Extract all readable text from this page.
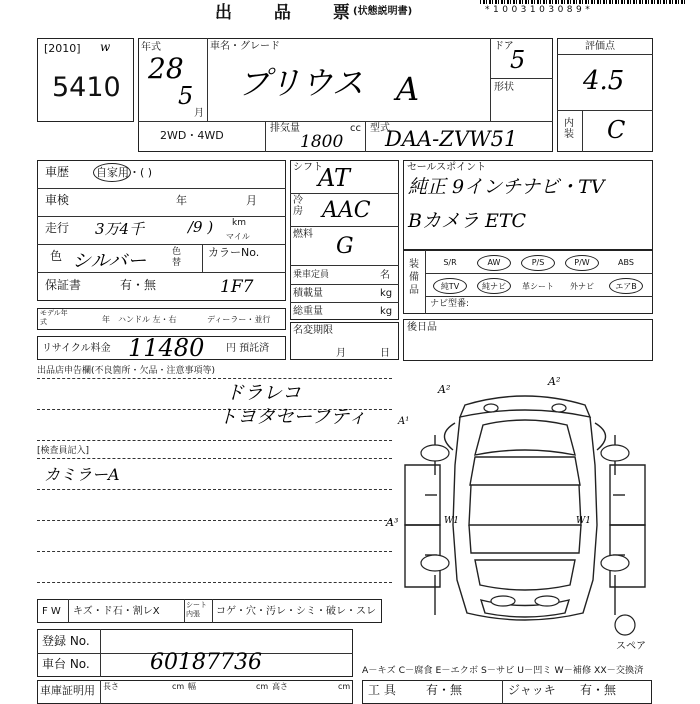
出 品 票
(状態説明書)	*1003103089*
[2010] w
5410
年式
28
5
月
車名・グレード
プリウス A
ドア
5
形状
2WD・4WD
排気量	cc
1800
型式
DAA-ZVW51
評価点
4.5
内装 C
車歴 自家用・( )
車検	年	月
走行 3万4千	/9 ) km
マイル
色 シルバー	色替
カラーNo.
保証書	有・無	1F7
シフト
AT
冷房 AAC
燃料 G
乗車定員	名
積載量	kg
総重量	kg
セールスポイント
純正 9インチナビ・TV
Bカメラ ETC
装備品
S/R	AW	P/S	P/W	ABS
純TV	純ナビ	革シート	外ナビ	エアB
ナビ型番:
モデル年式	年 ハンドル 左・右	ディーラー・並行
名変期限
月	日
後日品
リサイクル料金 11480 円 預託済
出品店申告欄(不良箇所・欠品・注意事項等)
ドラレコ
トヨタセーフティ
[検査員記入]
カミラーA
A²
A²
A¹
A³	W1	W1
スペア
F W キズ・ト゚石・割レX
シート内張	コゲ・穴・汚レ・シミ・破レ・スレ
登録 No.
車台 No.	60187736	A－キズ C－腐食 E－エクボ S－サビ U－凹ミ W－補修 XX－交換済
工 具	有・無	ジャッキ 有・無
車庫証明用 長さ	cm 幅	cm 高さ	cm
